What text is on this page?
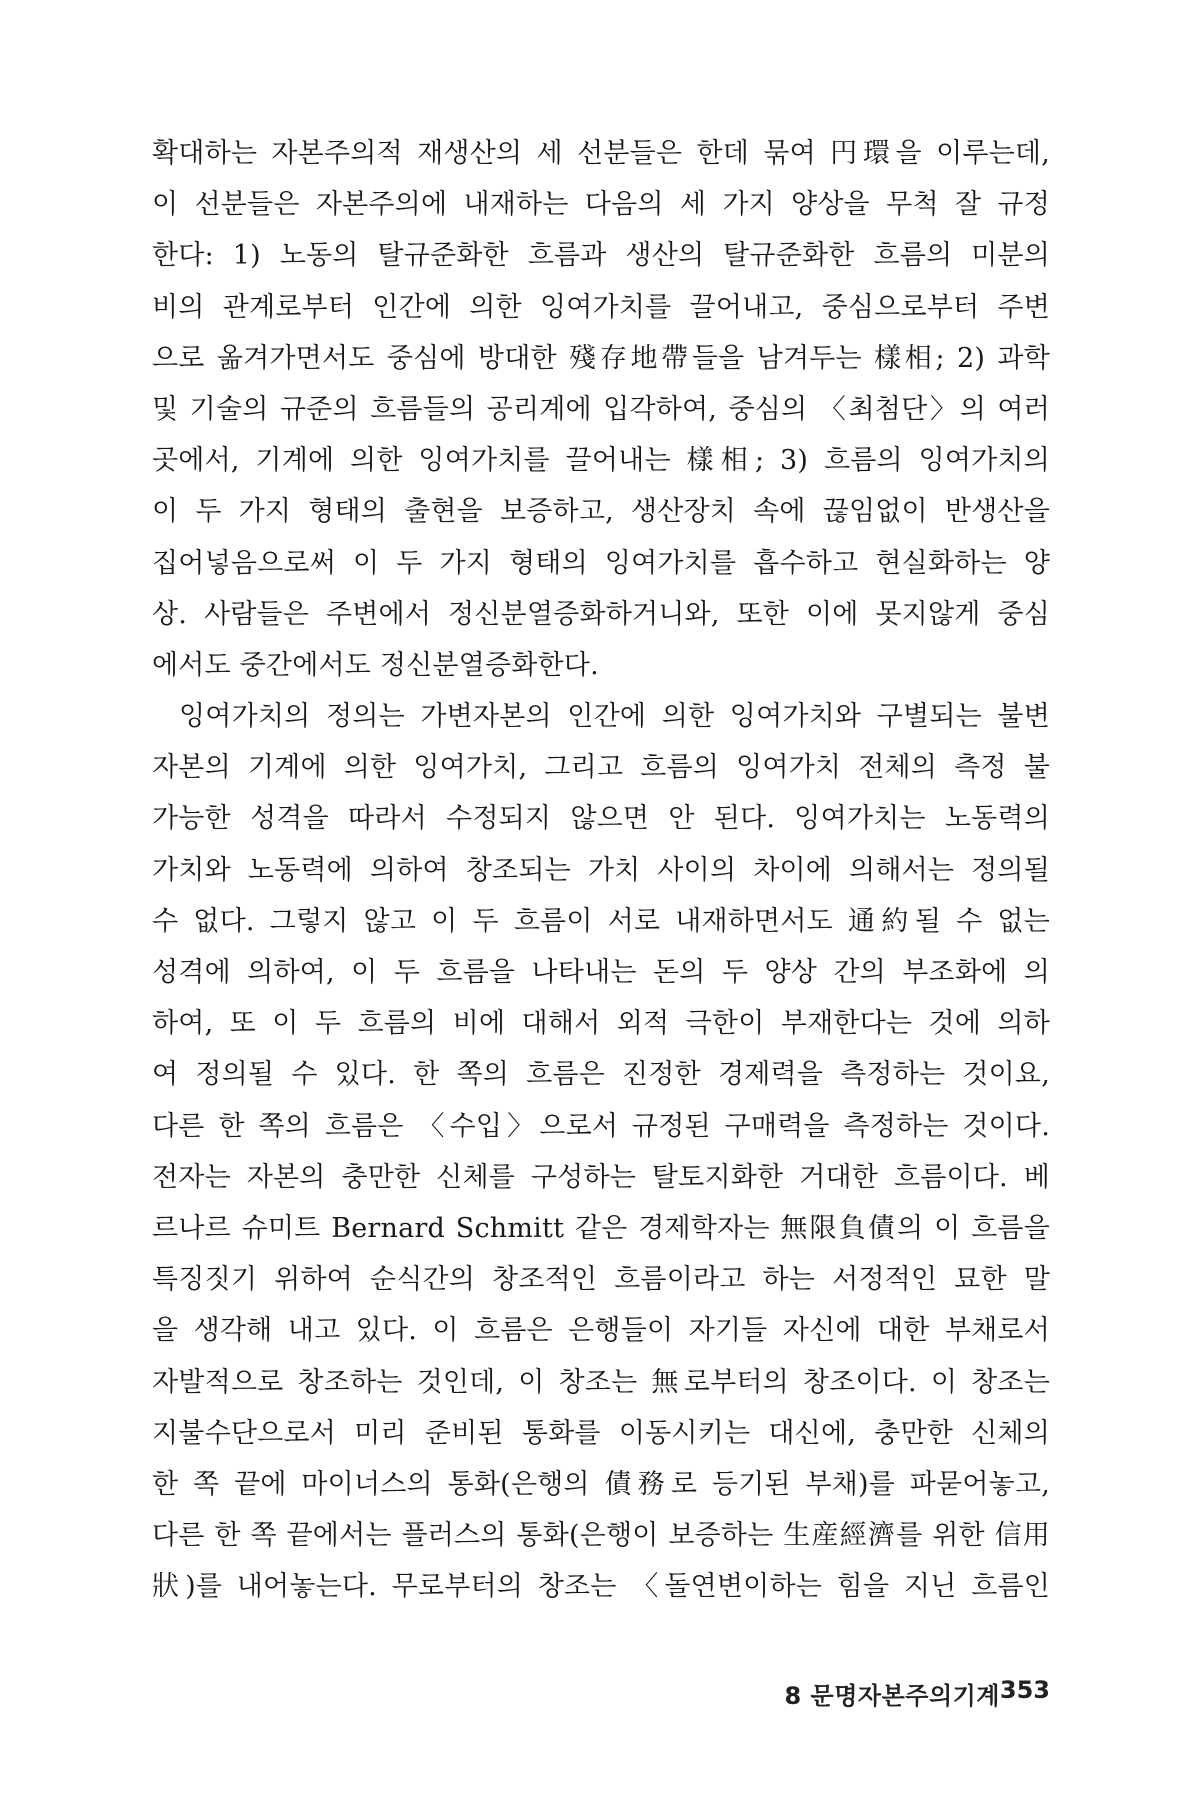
확대하는 자본주의적 재생산의 세 선분들은 한데 묶여 円環을 이루는데,
이 선분들은 자본주의에 내재하는 다음의 세 가지 양상을 무척 잘 규정
한다: 1) 노동의 탈규준화한 흐름과 생산의 탈규준화한 흐름의 미분의
비의 관계로부터 인간에 의한 잉여가치를 끌어내고, 중심으로부터 주변
으로 옮겨가면서도 중심에 방대한 殘存地帶들을 남겨두는 樣相; 2) 과학
및 기술의 규준의 흐름들의 공리계에 입각하여, 중심의 〈최첨단〉의 여러
곳에서, 기계에 의한 잉여가치를 끌어내는 樣相; 3) 흐름의 잉여가치의
이 두 가지 형태의 출현을 보증하고, 생산장치 속에 끊임없이 반생산을
집어넣음으로써 이 두 가지 형태의 잉여가치를 흡수하고 현실화하는 양
상. 사람들은 주변에서 정신분열증화하거니와, 또한 이에 못지않게 중심
에서도 중간에서도 정신분열증화한다.
잉여가치의 정의는 가변자본의 인간에 의한 잉여가치와 구별되는 불변
자본의 기계에 의한 잉여가치, 그리고 흐름의 잉여가치 전체의 측정 불
가능한 성격을 따라서 수정되지 않으면 안 된다. 잉여가치는 노동력의
가치와 노동력에 의하여 창조되는 가치 사이의 차이에 의해서는 정의될
수 없다. 그렇지 않고 이 두 흐름이 서로 내재하면서도 通約될 수 없는
성격에 의하여, 이 두 흐름을 나타내는 돈의 두 양상 간의 부조화에 의
하여, 또 이 두 흐름의 비에 대해서 외적 극한이 부재한다는 것에 의하
여 정의될 수 있다. 한 쪽의 흐름은 진정한 경제력을 측정하는 것이요,
다른 한 쪽의 흐름은 〈수입〉으로서 규정된 구매력을 측정하는 것이다.
전자는 자본의 충만한 신체를 구성하는 탈토지화한 거대한 흐름이다. 베
르나르 슈미트 Bernard Schmitt 같은 경제학자는 無限負債의 이 흐름을
특징짓기 위하여 순식간의 창조적인 흐름이라고 하는 서정적인 묘한 말
을 생각해 내고 있다. 이 흐름은 은행들이 자기들 자신에 대한 부채로서
자발적으로 창조하는 것인데, 이 창조는 無로부터의 창조이다. 이 창조는
지불수단으로서 미리 준비된 통화를 이동시키는 대신에, 충만한 신체의
한 쪽 끝에 마이너스의 통화(은행의 債務로 등기된 부채)를 파묻어놓고,
다른 한 쪽 끝에서는 플러스의 통화(은행이 보증하는 生産經濟를 위한 信用
狀)를 내어놓는다. 무로부터의 창조는 〈돌연변이하는 힘을 지닌 흐름인
8 문명자본주의기계 353
